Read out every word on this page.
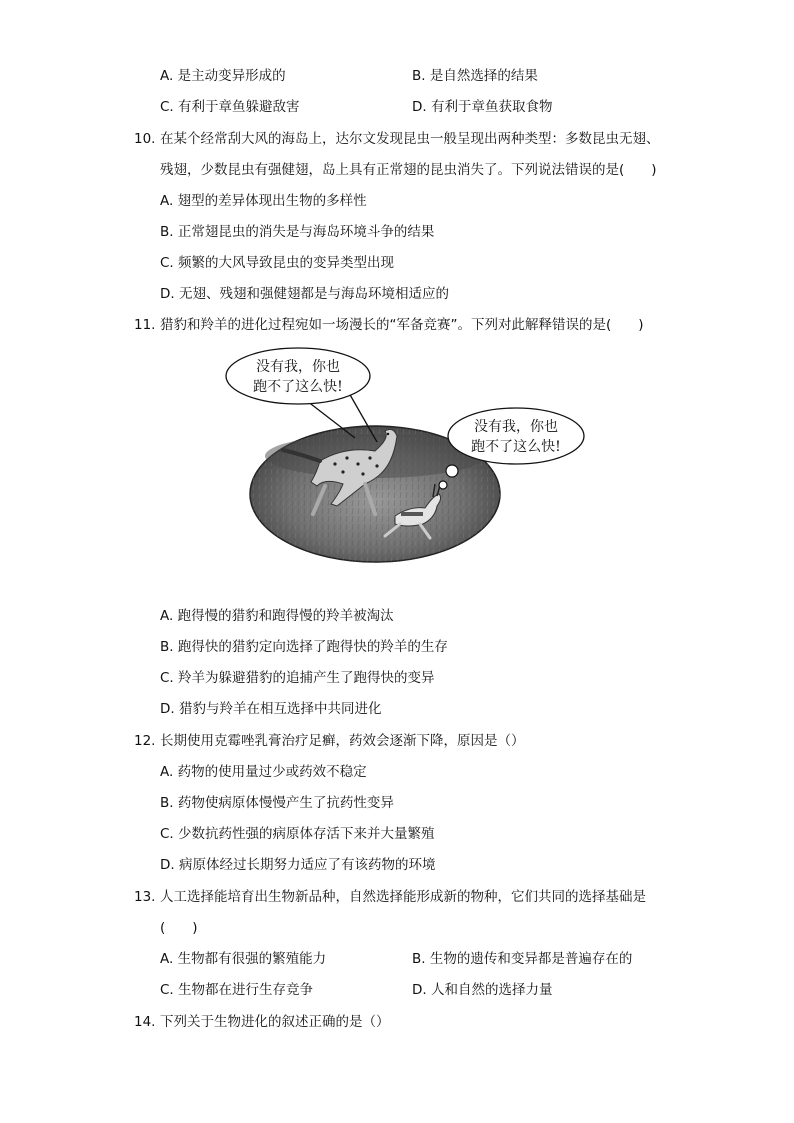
A. 是主动变异形成的	B. 是自然选择的结果
C. 有利于章鱼躲避敌害	D. 有利于章鱼获取食物
10. 在某个经常刮大风的海岛上，达尔文发现昆虫一般呈现出两种类型：多数昆虫无翅、
残翅，少数昆虫有强健翅，岛上具有正常翅的昆虫消失了。下列说法错误的是(　　)
A. 翅型的差异体现出生物的多样性
B. 正常翅昆虫的消失是与海岛环境斗争的结果
C. 频繁的大风导致昆虫的变异类型出现
D. 无翅、残翅和强健翅都是与海岛环境相适应的
11. 猎豹和羚羊的进化过程宛如一场漫长的“军备竞赛”。下列对此解释错误的是(　　)
没有我，你也
跑不了这么快!
没有我，你也
跑不了这么快!
A. 跑得慢的猎豹和跑得慢的羚羊被淘汰
B. 跑得快的猎豹定向选择了跑得快的羚羊的生存
C. 羚羊为躲避猎豹的追捕产生了跑得快的变异
D. 猎豹与羚羊在相互选择中共同进化
12. 长期使用克霉唑乳膏治疗足癣，药效会逐渐下降，原因是（）
A. 药物的使用量过少或药效不稳定
B. 药物使病原体慢慢产生了抗药性变异
C. 少数抗药性强的病原体存活下来并大量繁殖
D. 病原体经过长期努力适应了有该药物的环境
13. 人工选择能培育出生物新品种，自然选择能形成新的物种，它们共同的选择基础是
(　　)
A. 生物都有很强的繁殖能力	B. 生物的遗传和变异都是普遍存在的
C. 生物都在进行生存竞争	D. 人和自然的选择力量
14. 下列关于生物进化的叙述正确的是（）
